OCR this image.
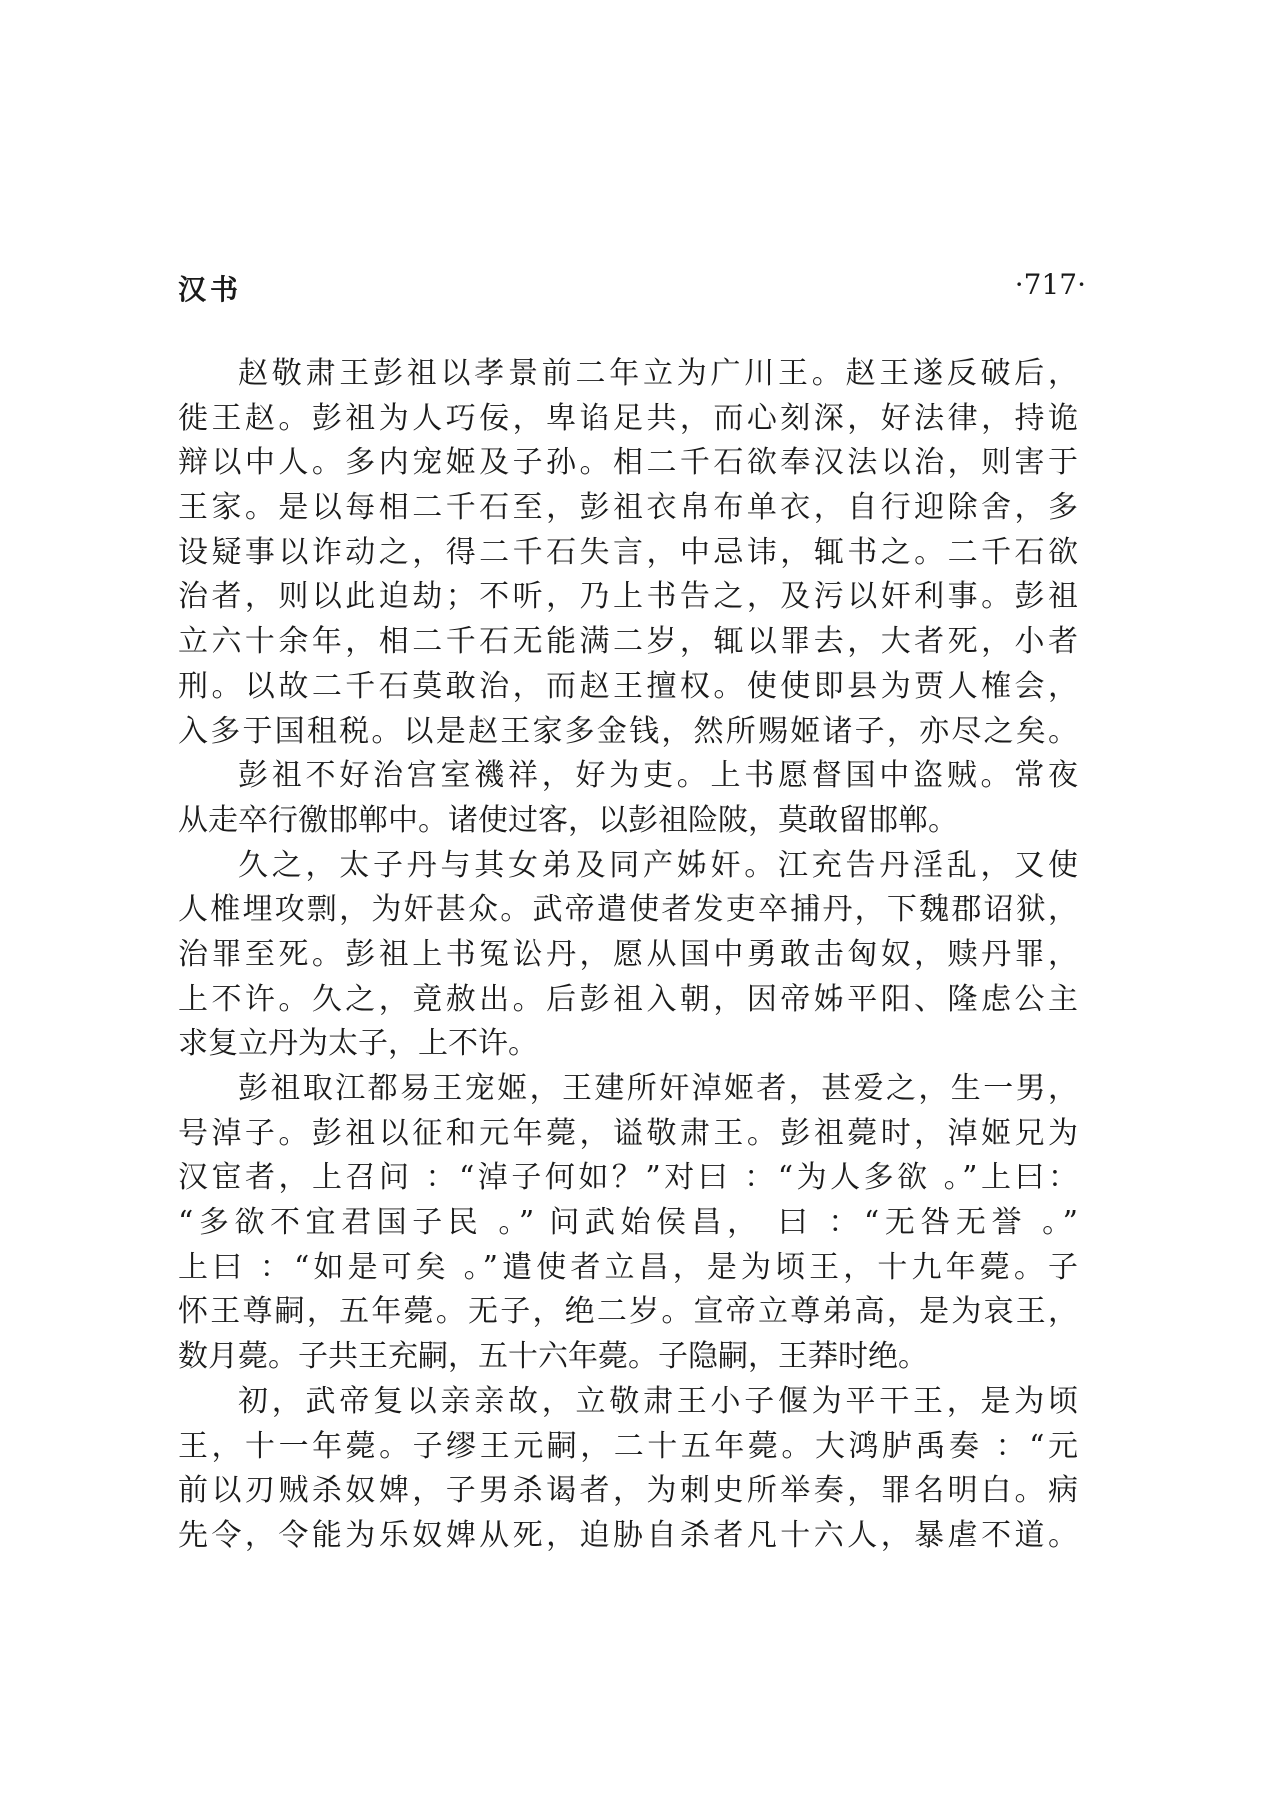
汉书	·717·
赵敬肃王彭祖以孝景前二年立为广川王。赵王遂反破后，
徙王赵。彭祖为人巧佞，卑谄足共，而心刻深，好法律，持诡
辩以中人。多内宠姬及子孙。相二千石欲奉汉法以治，则害于
王家。是以每相二千石至，彭祖衣帛布单衣，自行迎除舍，多
设疑事以诈动之，得二千石失言，中忌讳，辄书之。二千石欲
治者，则以此迫劫；不听，乃上书告之，及污以奸利事。彭祖
立六十余年，相二千石无能满二岁，辄以罪去，大者死，小者
刑。以故二千石莫敢治，而赵王擅权。使使即县为贾人榷会，
入多于国租税。以是赵王家多金钱，然所赐姬诸子，亦尽之矣。
彭祖不好治宫室禨祥，好为吏。上书愿督国中盗贼。常夜
从走卒行徼邯郸中。诸使过客，以彭祖险陂，莫敢留邯郸。
久之，太子丹与其女弟及同产姊奸。江充告丹淫乱，又使
人椎埋攻剽，为奸甚众。武帝遣使者发吏卒捕丹，下魏郡诏狱，
治罪至死。彭祖上书冤讼丹，愿从国中勇敢击匈奴，赎丹罪，
上不许。久之，竟赦出。后彭祖入朝，因帝姊平阳、隆虑公主
求复立丹为太子，上不许。
彭祖取江都易王宠姬，王建所奸淖姬者，甚爱之，生一男，
号淖子。彭祖以征和元年薨，谥敬肃王。彭祖薨时，淖姬兄为
汉宦者，上召问 ：“淖子何如？”对曰 ：“为人多欲 。”上曰：
“多欲不宜君国子民 。” 问武始侯昌， 曰 ：“无咎无誉 。”
上曰 ：“如是可矣 。”遣使者立昌，是为顷王，十九年薨。子
怀王尊嗣，五年薨。无子，绝二岁。宣帝立尊弟高，是为哀王，
数月薨。子共王充嗣，五十六年薨。子隐嗣，王莽时绝。
初，武帝复以亲亲故，立敬肃王小子偃为平干王，是为顷
王，十一年薨。子缪王元嗣，二十五年薨。大鸿胪禹奏 ：“元
前以刃贼杀奴婢，子男杀谒者，为刺史所举奏，罪名明白。病
先令，令能为乐奴婢从死，迫胁自杀者凡十六人，暴虐不道。
